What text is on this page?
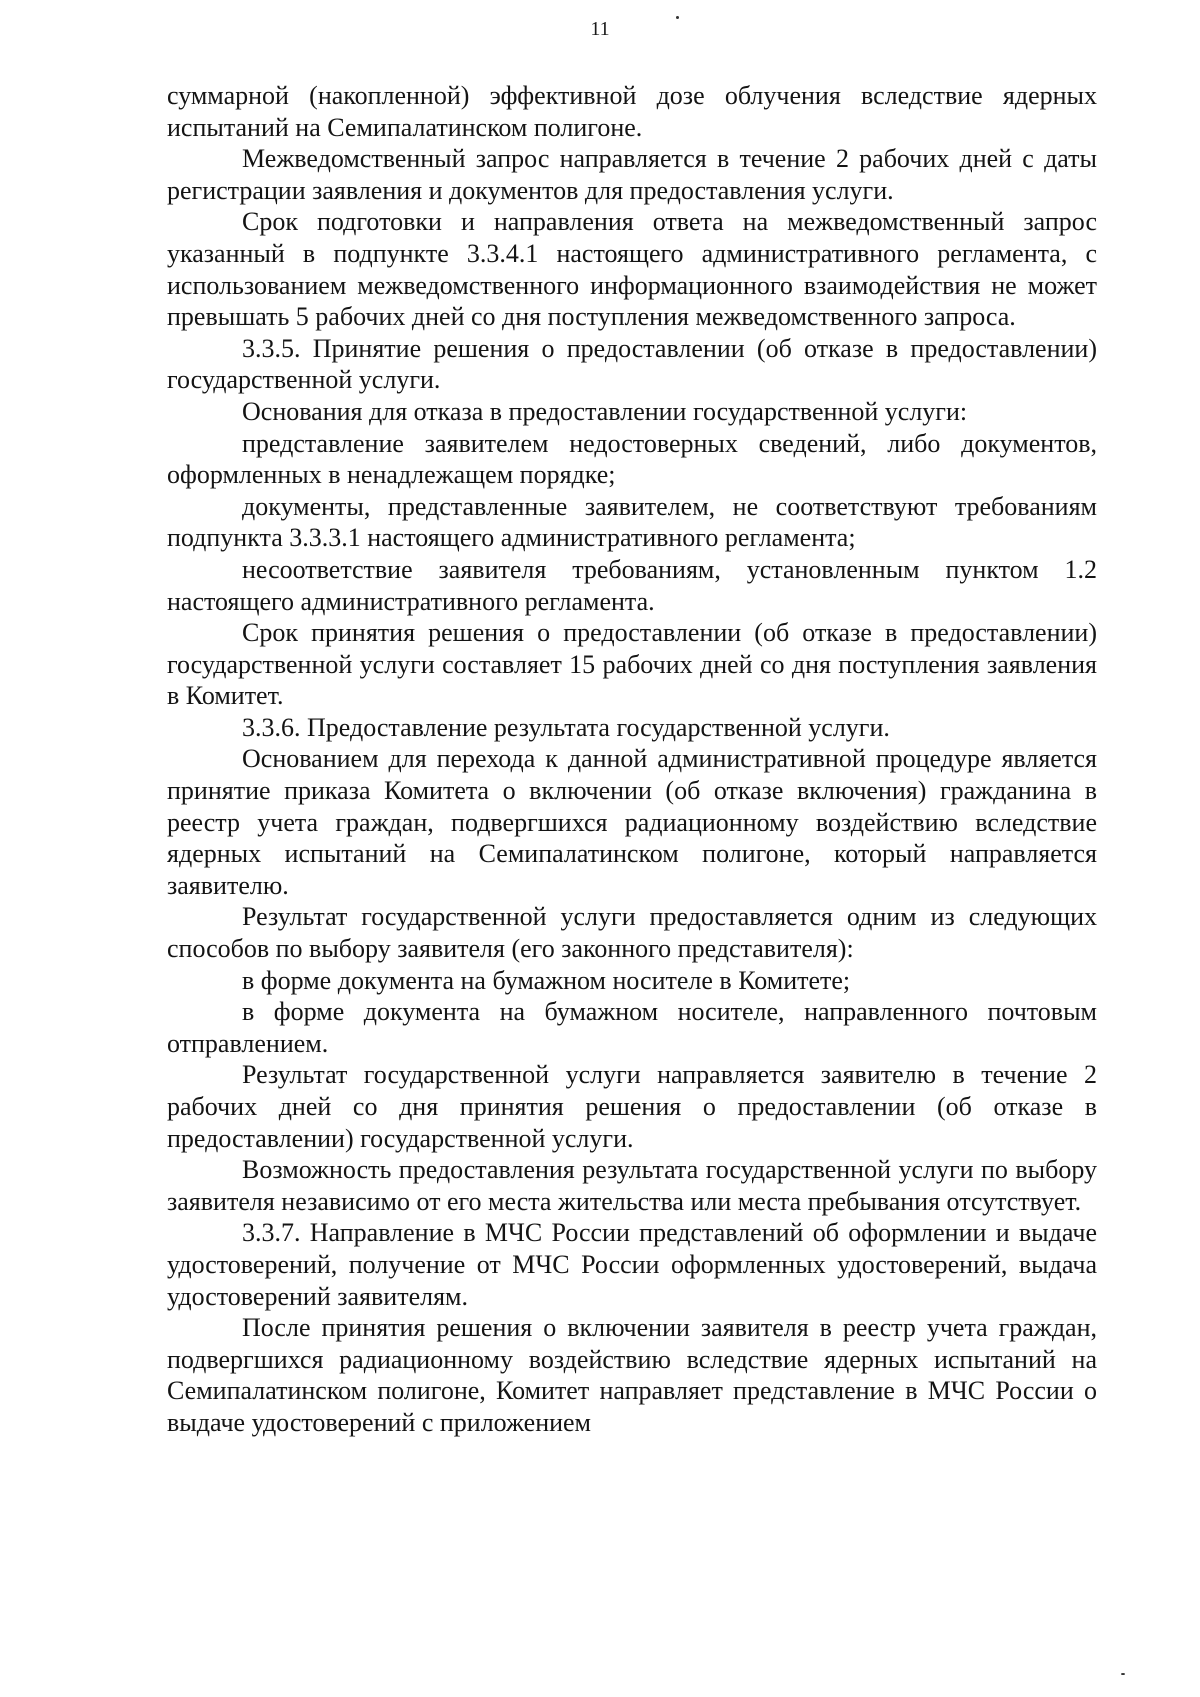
11

суммарной (накопленной) эффективной дозе облучения вследствие ядерных испытаний на Семипалатинском полигоне.

Межведомственный запрос направляется в течение 2 рабочих дней с даты регистрации заявления и документов для предоставления услуги.

Срок подготовки и направления ответа на межведомственный запрос указанный в подпункте 3.3.4.1 настоящего административного регламента, с использованием межведомственного информационного взаимодействия не может превышать 5 рабочих дней со дня поступления межведомственного запроса.

3.3.5. Принятие решения о предоставлении (об отказе в предоставлении) государственной услуги.

Основания для отказа в предоставлении государственной услуги:

представление заявителем недостоверных сведений, либо документов, оформленных в ненадлежащем порядке;

документы, представленные заявителем, не соответствуют требованиям подпункта 3.3.3.1 настоящего административного регламента;

несоответствие заявителя требованиям, установленным пунктом 1.2 настоящего административного регламента.

Срок принятия решения о предоставлении (об отказе в предоставлении) государственной услуги составляет 15 рабочих дней со дня поступления заявления в Комитет.

3.3.6. Предоставление результата государственной услуги.

Основанием для перехода к данной административной процедуре является принятие приказа Комитета о включении (об отказе включения) гражданина в реестр учета граждан, подвергшихся радиационному воздействию вследствие ядерных испытаний на Семипалатинском полигоне, который направляется заявителю.

Результат государственной услуги предоставляется одним из следующих способов по выбору заявителя (его законного представителя):

в форме документа на бумажном носителе в Комитете;

в форме документа на бумажном носителе, направленного почтовым отправлением.

Результат государственной услуги направляется заявителю в течение 2 рабочих дней со дня принятия решения о предоставлении (об отказе в предоставлении) государственной услуги.

Возможность предоставления результата государственной услуги по выбору заявителя независимо от его места жительства или места пребывания отсутствует.

3.3.7. Направление в МЧС России представлений об оформлении и выдаче удостоверений, получение от МЧС России оформленных удостоверений, выдача удостоверений заявителям.

После принятия решения о включении заявителя в реестр учета граждан, подвергшихся радиационному воздействию вследствие ядерных испытаний на Семипалатинском полигоне, Комитет направляет представление в МЧС России о выдаче удостоверений с приложением
